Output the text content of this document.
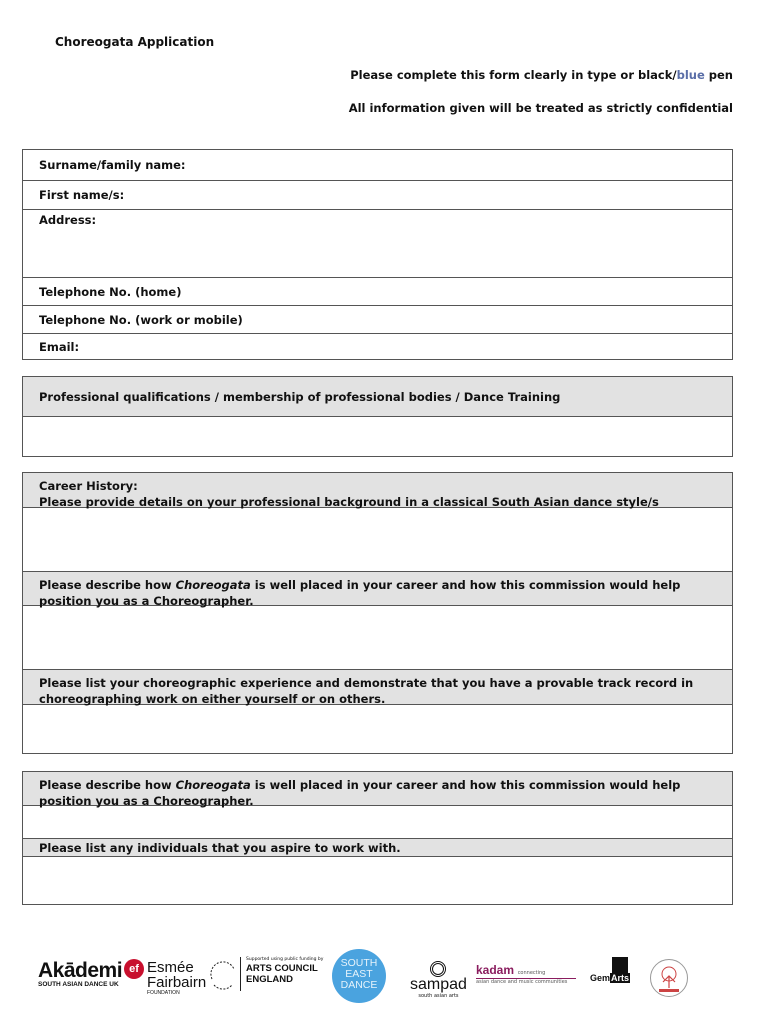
Choreogata Application
Please complete this form clearly in type or black/blue pen
All information given will be treated as strictly confidential
Surname/family name:
First name/s:
Address:
Telephone No. (home)
Telephone No. (work or mobile)
Email:
Professional qualifications / membership of professional bodies / Dance Training
Career History:
Please provide details on your professional background in a classical South Asian dance style/s
Please describe how Choreogata is well placed in your career and how this commission would help position you as a Choreographer.
Please list your choreographic experience and demonstrate that you have a provable track record in choreographing work on either yourself or on others.
Please describe how Choreogata is well placed in your career and how this commission would help position you as a Choreographer.
Please list any individuals that you aspire to work with.
Akādemi
SOUTH ASIAN DANCE UK
ef Esmée
Fairbairn
FOUNDATION
Supported using public funding by
ARTS COUNCIL
ENGLAND
SOUTH
EAST
DANCE	sampad
south asian arts
kadam connecting
asian dance and music communities	GemArts
